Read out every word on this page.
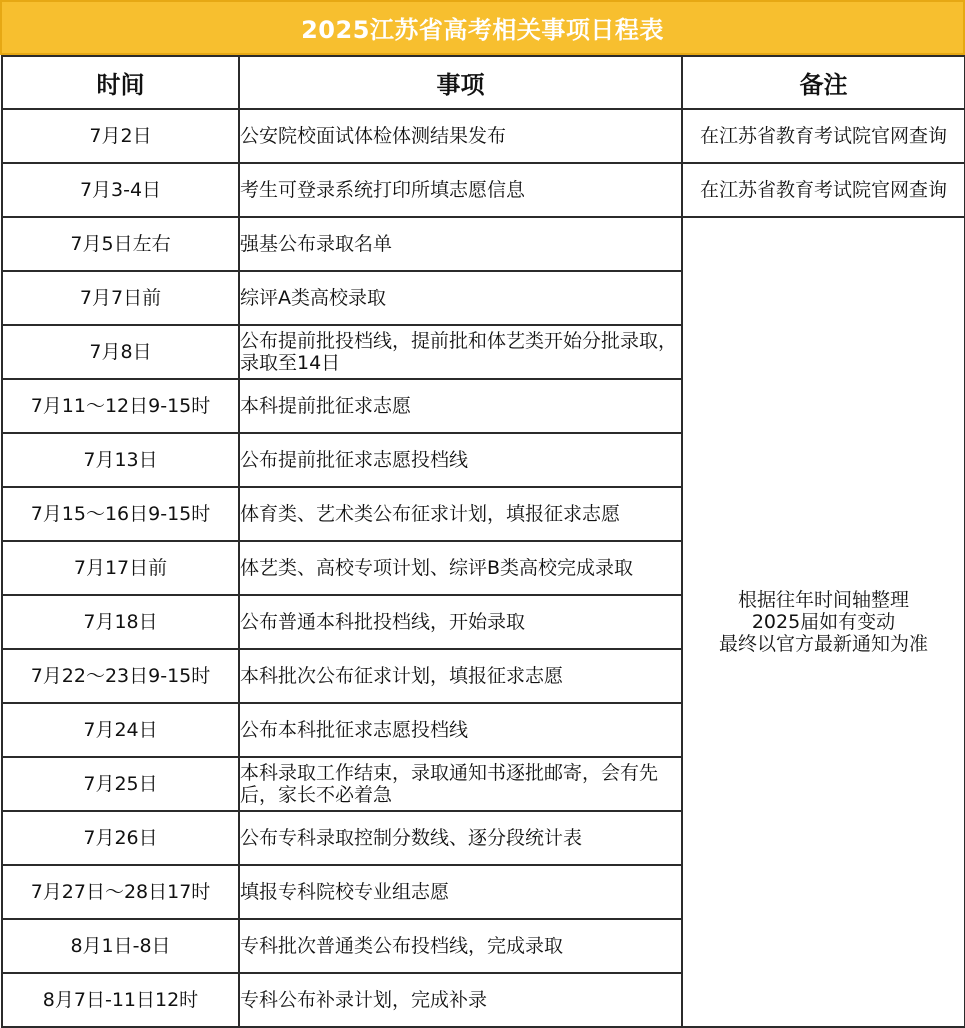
2025江苏省高考相关事项日程表
时间	事项	备注
7月2日	公安院校面试体检体测结果发布	在江苏省教育考试院官网查询
7月3-4日	考生可登录系统打印所填志愿信息	在江苏省教育考试院官网查询
7月5日左右	强基公布录取名单	根据往年时间轴整理
2025届如有变动
最终以官方最新通知为准

7月7日前	综评A类高校录取	
7月8日	公布提前批投档线，提前批和体艺类开始分批录取，录取至14日	
7月11～12日9-15时	本科提前批征求志愿	
7月13日	公布提前批征求志愿投档线	
7月15～16日9-15时	体育类、艺术类公布征求计划，填报征求志愿	
7月17日前	体艺类、高校专项计划、综评B类高校完成录取	
7月18日	公布普通本科批投档线，开始录取	
7月22～23日9-15时	本科批次公布征求计划，填报征求志愿	
7月24日	公布本科批征求志愿投档线	
7月25日	本科录取工作结束，录取通知书逐批邮寄，会有先后，家长不必着急	
7月26日	公布专科录取控制分数线、逐分段统计表	
7月27日～28日17时	填报专科院校专业组志愿	
8月1日-8日	专科批次普通类公布投档线，完成录取	
8月7日-11日12时	专科公布补录计划，完成补录	
